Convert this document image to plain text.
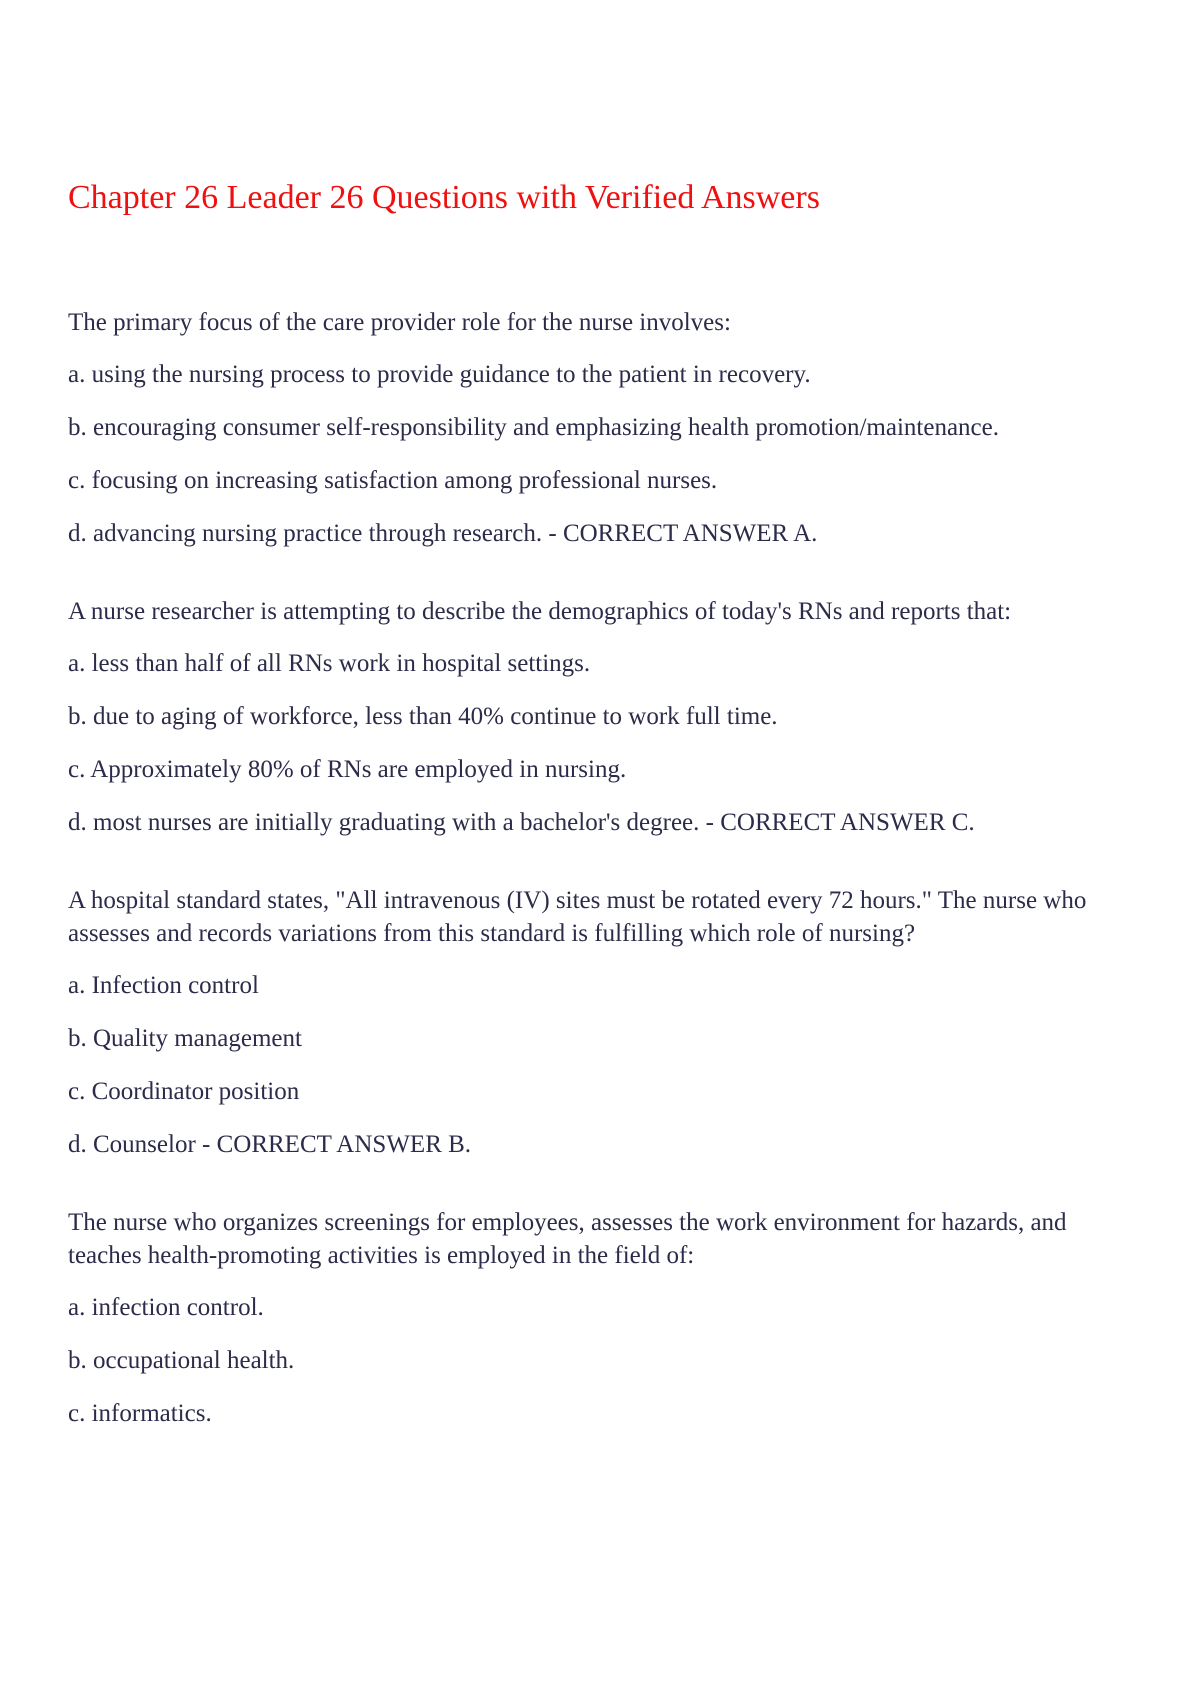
Chapter 26 Leader 26 Questions with Verified Answers

The primary focus of the care provider role for the nurse involves:

a. using the nursing process to provide guidance to the patient in recovery.

b. encouraging consumer self-responsibility and emphasizing health promotion/maintenance.

c. focusing on increasing satisfaction among professional nurses.

d. advancing nursing practice through research. - CORRECT ANSWER A.

A nurse researcher is attempting to describe the demographics of today's RNs and reports that:

a. less than half of all RNs work in hospital settings.

b. due to aging of workforce, less than 40% continue to work full time.

c. Approximately 80% of RNs are employed in nursing.

d. most nurses are initially graduating with a bachelor's degree. - CORRECT ANSWER C.

A hospital standard states, "All intravenous (IV) sites must be rotated every 72 hours." The nurse who assesses and records variations from this standard is fulfilling which role of nursing?

a. Infection control

b. Quality management

c. Coordinator position

d. Counselor - CORRECT ANSWER B.

The nurse who organizes screenings for employees, assesses the work environment for hazards, and teaches health-promoting activities is employed in the field of:

a. infection control.

b. occupational health.

c. informatics.
